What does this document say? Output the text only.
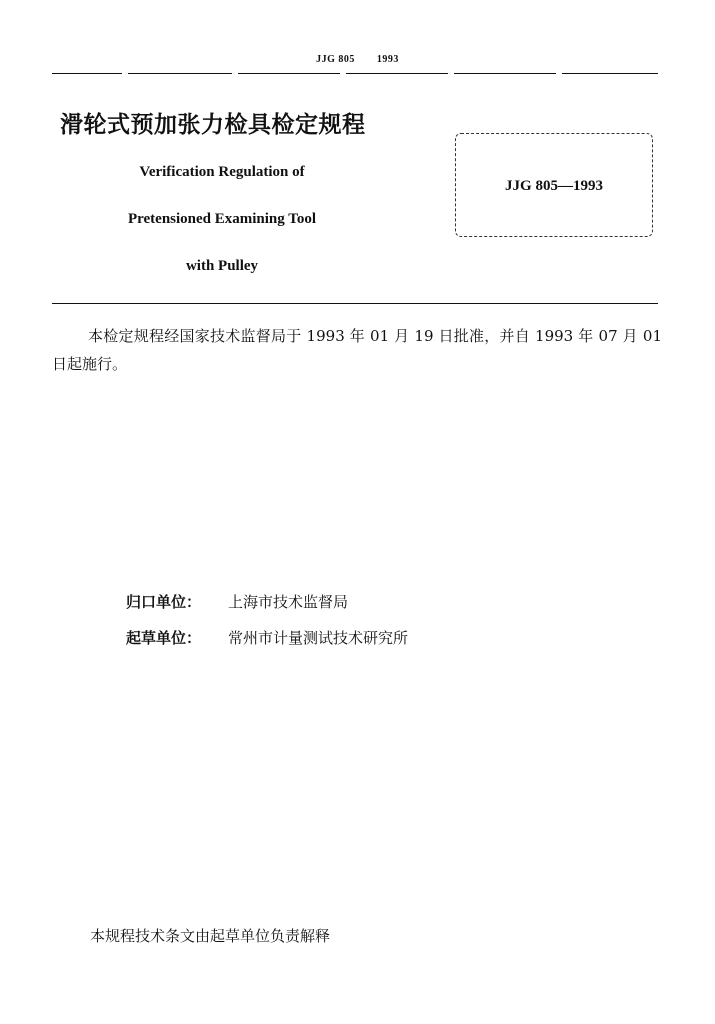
JJG 805 1993
滑轮式预加张力检具检定规程
Verification Regulation of
Pretensioned Examining Tool
with Pulley
JJG 805—1993
本检定规程经国家技术监督局于 1993 年 01 月 19 日批准，并自 1993 年 07 月 01 日起施行。
归口单位： 上海市技术监督局
起草单位： 常州市计量测试技术研究所
本规程技术条文由起草单位负责解释
